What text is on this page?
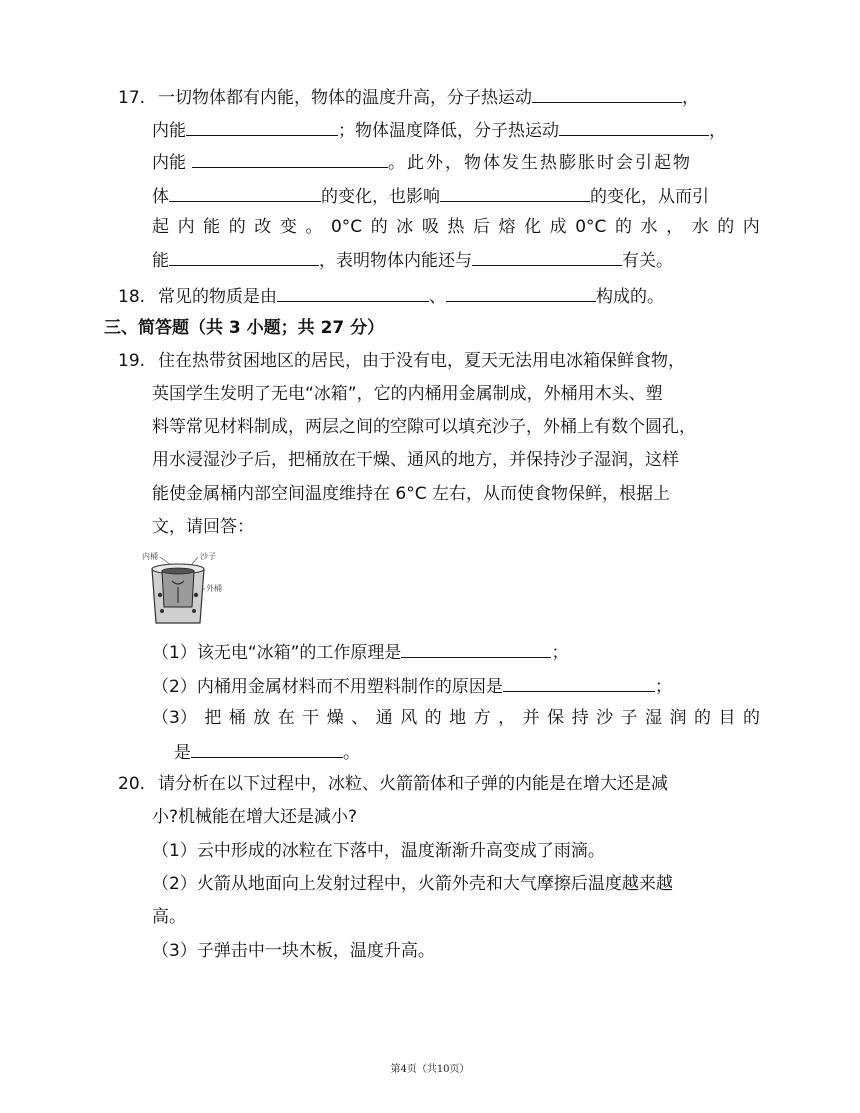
17. 一切物体都有内能，物体的温度升高，分子热运动	，
内能	；物体温度降低，分子热运动	，
内能	。此外，物体发生热膨胀时会引起物
体	的变化，也影响	的变化，从而引
起 内 能 的 改 变 。 0°C 的 冰 吸 热 后 熔 化 成 0°C 的 水 ， 水 的 内
能	，表明物体内能还与	有关。
18. 常见的物质是由	、	构成的。
三、简答题（共 3 小题；共 27 分）
19. 住在热带贫困地区的居民，由于没有电，夏天无法用电冰箱保鲜食物，
英国学生发明了无电“冰箱”，它的内桶用金属制成，外桶用木头、塑
料等常见材料制成，两层之间的空隙可以填充沙子，外桶上有数个圆孔，
用水浸湿沙子后，把桶放在干燥、通风的地方，并保持沙子湿润，这样
能使金属桶内部空间温度维持在 6°C 左右，从而使食物保鲜，根据上
文，请回答：
内桶	沙子
外桶
（1）该无电“冰箱”的工作原理是	；
（2）内桶用金属材料而不用塑料制作的原因是	；
（3） 把 桶 放 在 干 燥 、 通 风 的 地 方 ， 并 保 持 沙 子 湿 润 的 目 的
是	。
20. 请分析在以下过程中，冰粒、火箭箭体和子弹的内能是在增大还是减
小?机械能在增大还是减小?
（1）云中形成的冰粒在下落中，温度渐渐升高变成了雨滴。
（2）火箭从地面向上发射过程中，火箭外壳和大气摩擦后温度越来越
高。
（3）子弹击中一块木板，温度升高。
第4页（共10页）
